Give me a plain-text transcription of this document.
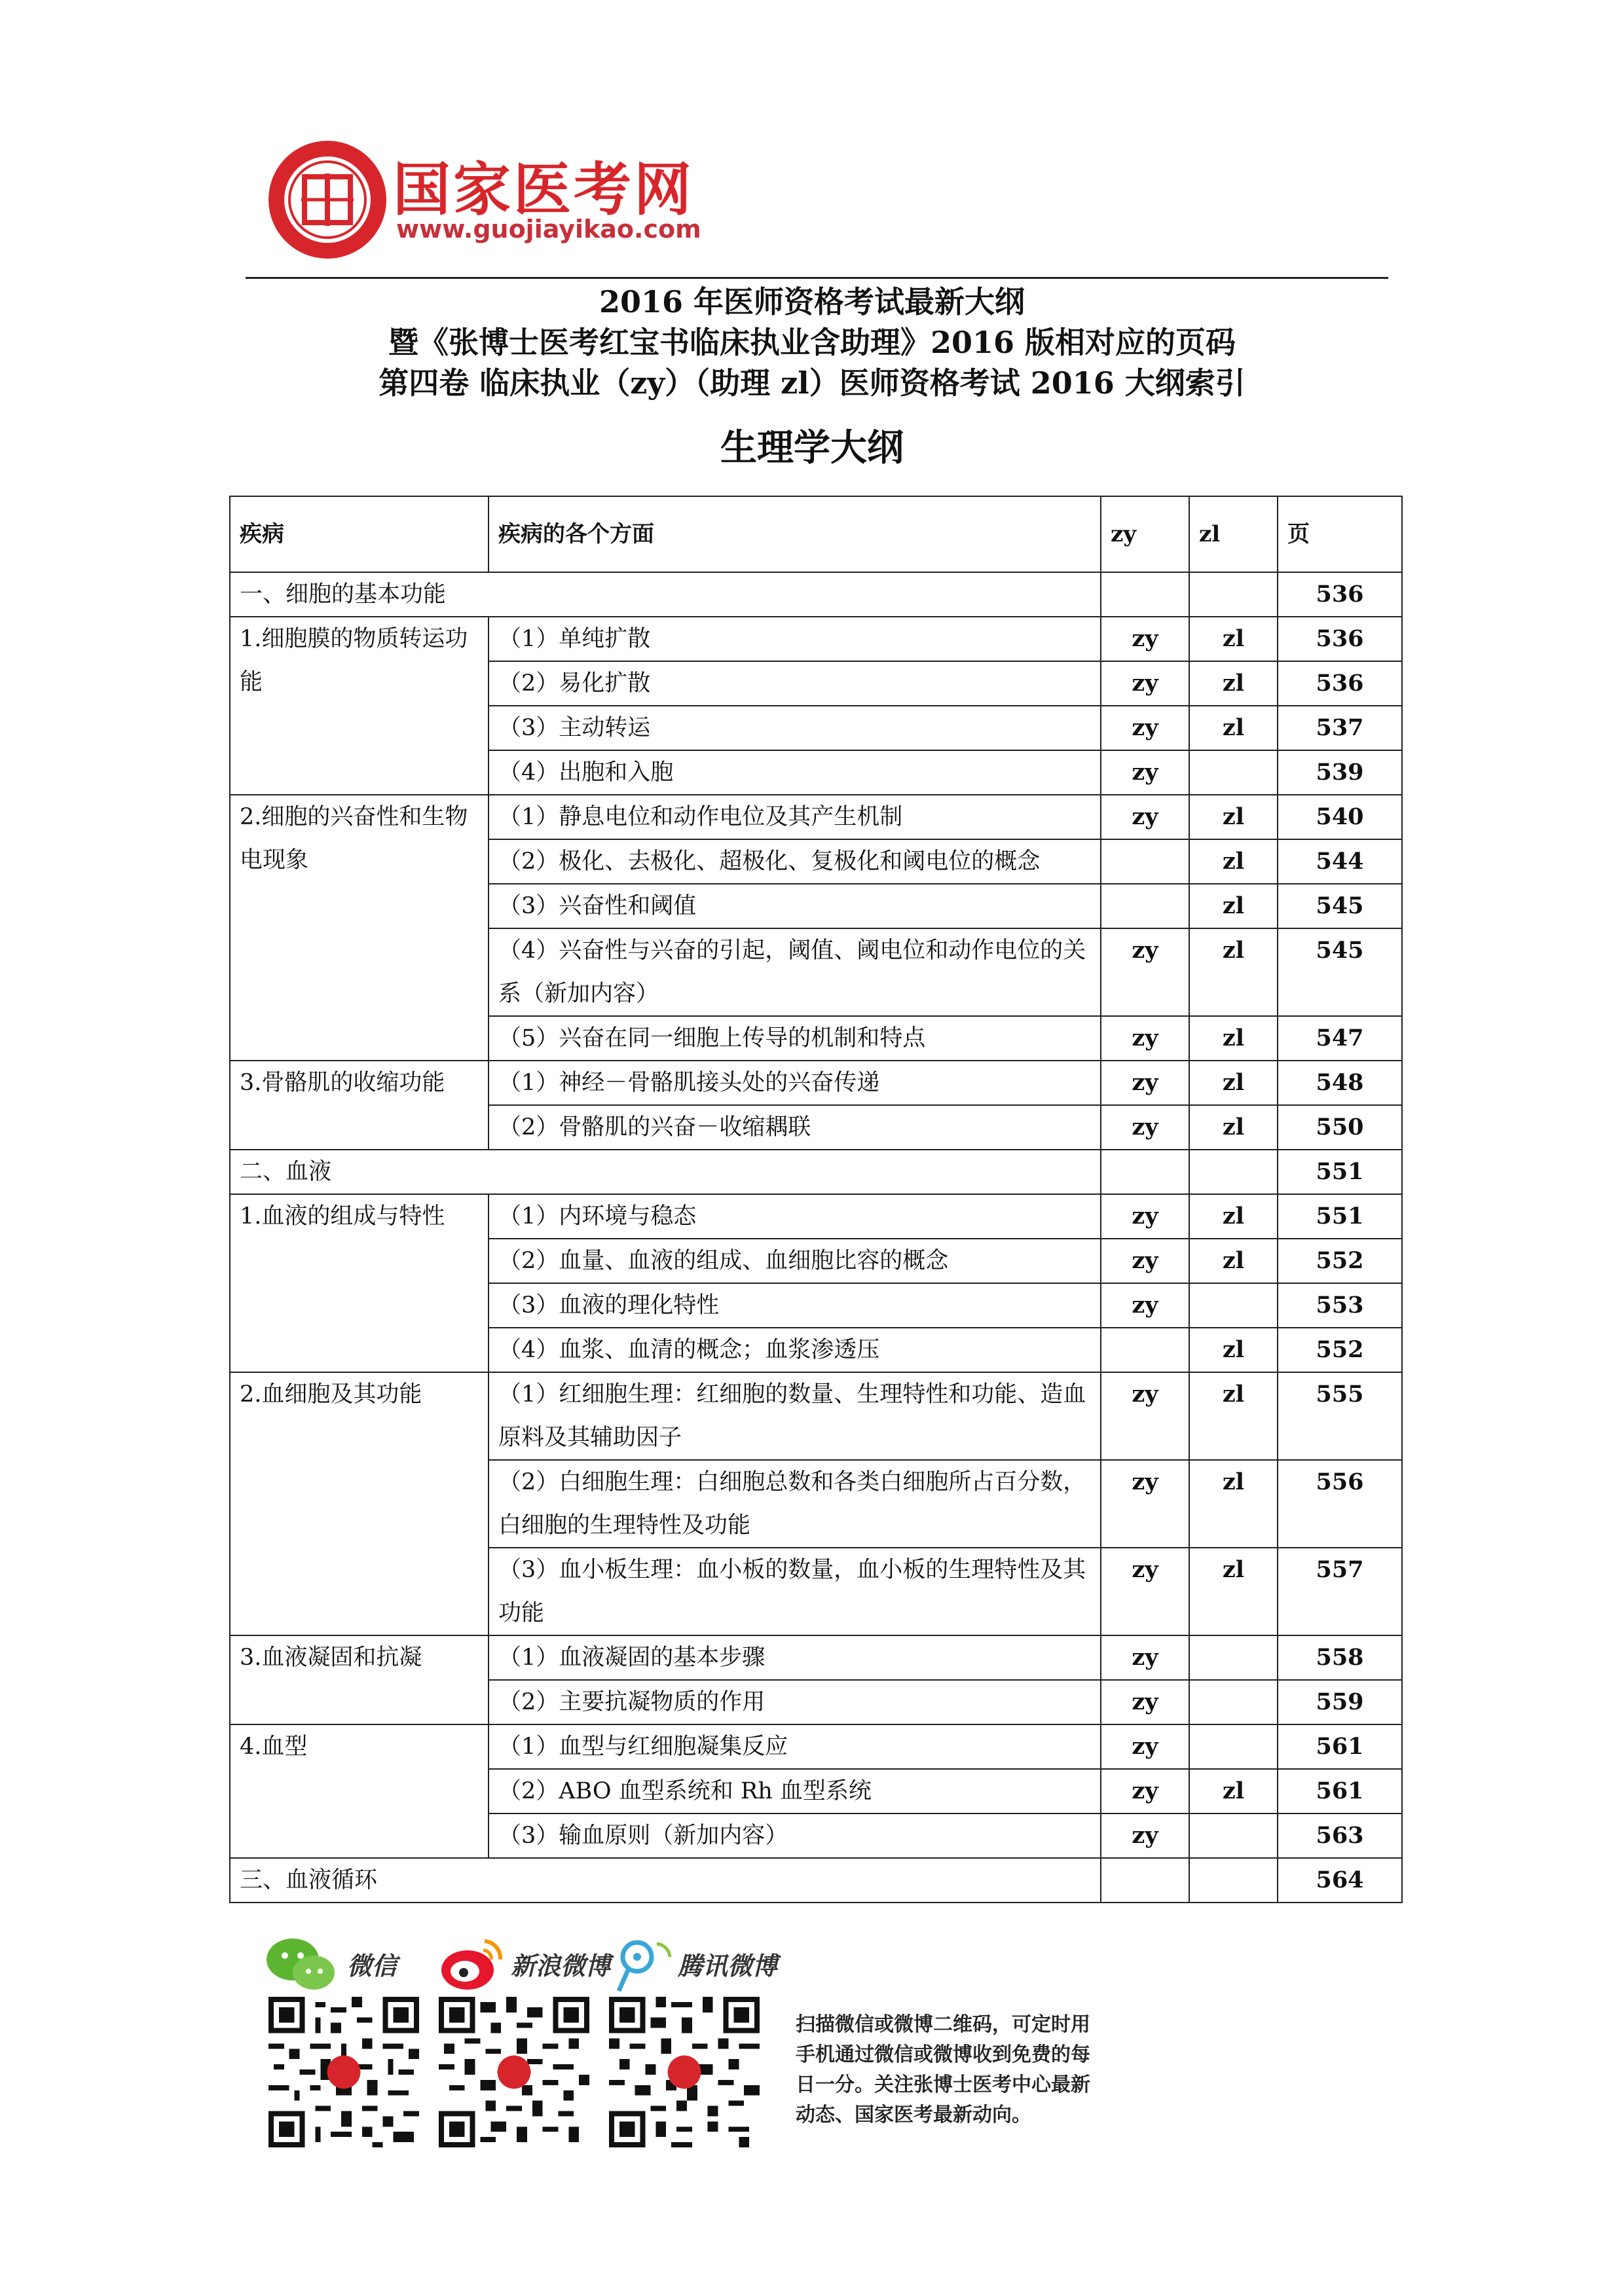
国家医考网
www.guojiayikao.com
2016 年医师资格考试最新大纲
暨《张博士医考红宝书临床执业含助理》2016 版相对应的页码
第四卷 临床执业（zy）（助理 zl）医师资格考试 2016 大纲索引
生理学大纲
疾病	疾病的各个方面	zy	zl	页
一、细胞的基本功能				536
1.细胞膜的物质转运功能	（1）单纯扩散	zy	zl	536
	（2）易化扩散	zy	zl	536
	（3）主动转运	zy	zl	537
	（4）出胞和入胞	zy		539
2.细胞的兴奋性和生物电现象	（1）静息电位和动作电位及其产生机制	zy	zl	540
	（2）极化、去极化、超极化、复极化和阈电位的概念		zl	544
	（3）兴奋性和阈值		zl	545
	（4）兴奋性与兴奋的引起，阈值、阈电位和动作电位的关系（新加内容）	zy	zl	545
	（5）兴奋在同一细胞上传导的机制和特点	zy	zl	547
3.骨骼肌的收缩功能	（1）神经－骨骼肌接头处的兴奋传递	zy	zl	548
	（2）骨骼肌的兴奋－收缩耦联	zy	zl	550
二、血液				551
1.血液的组成与特性	（1）内环境与稳态	zy	zl	551
	（2）血量、血液的组成、血细胞比容的概念	zy	zl	552
	（3）血液的理化特性	zy		553
	（4）血浆、血清的概念；血浆渗透压		zl	552
2.血细胞及其功能	（1）红细胞生理：红细胞的数量、生理特性和功能、造血原料及其辅助因子	zy	zl	555
	（2）白细胞生理：白细胞总数和各类白细胞所占百分数，白细胞的生理特性及功能	zy	zl	556
	（3）血小板生理：血小板的数量，血小板的生理特性及其功能	zy	zl	557
3.血液凝固和抗凝	（1）血液凝固的基本步骤	zy		558
	（2）主要抗凝物质的作用	zy		559
4.血型	（1）血型与红细胞凝集反应	zy		561
	（2）ABO 血型系统和 Rh 血型系统	zy	zl	561
	（3）输血原则（新加内容）	zy		563
三、血液循环				564
微信	新浪微博	腾讯微博
扫描微信或微博二维码，可定时用
手机通过微信或微博收到免费的每
日一分。关注张博士医考中心最新
动态、国家医考最新动向。
